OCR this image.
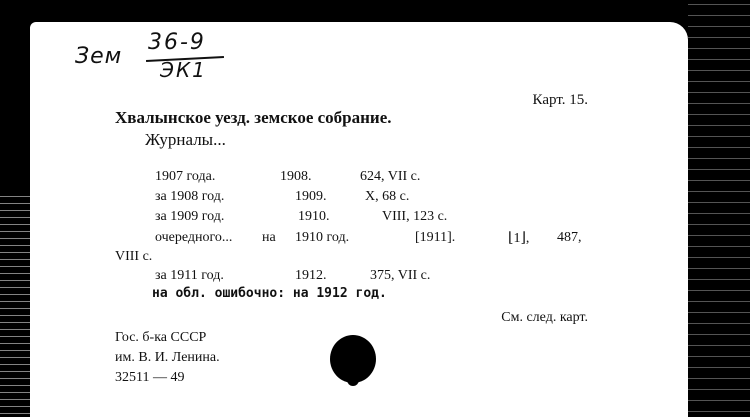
Зем
36-9
ЭК1
Карт. 15.
Хвалынское уезд. земское собрание.
Журналы...
1907 года.	1908.	624, VII с.
за 1908 год.	1909.	X, 68 с.
за 1909 год.	1910.	VIII, 123 с.
очередного... на 1910 год.	[1911].	⌊1⌋, 487,
VIII с.
за 1911 год.	1912.	375, VII с.
на обл. ошибочно: на 1912 год.
См. след. карт.
Гос. б-ка СССР
им. В. И. Ленина.
32511 — 49
